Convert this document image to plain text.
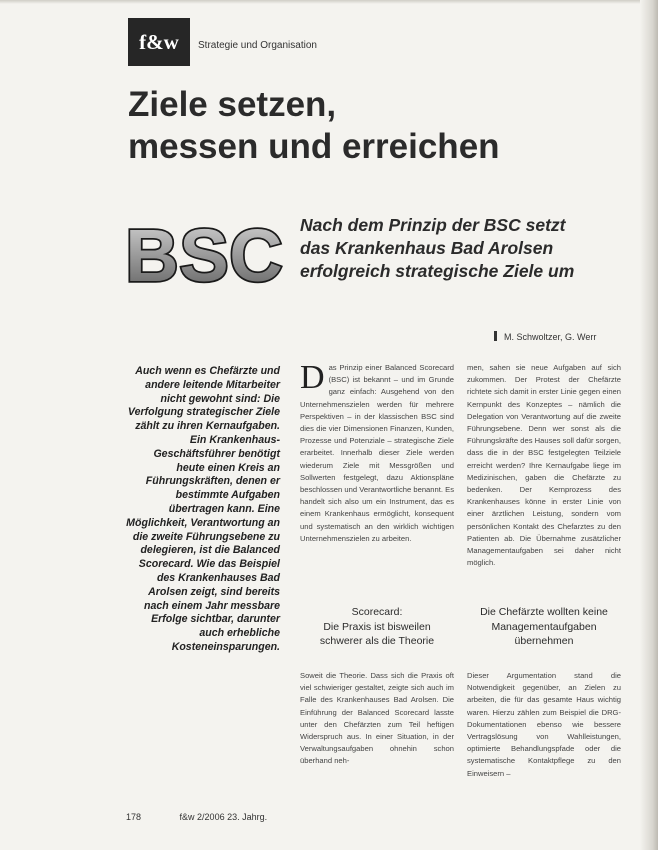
f&w	Strategie und Organisation
Ziele setzen,
messen und erreichen
B S C Nach dem Prinzip der BSC setzt
das Krankenhaus Bad Arolsen
erfolgreich strategische Ziele um
M. Schwoltzer, G. Werr
Auch wenn es Chefärzte und andere leitende Mitarbeiter nicht gewohnt sind: Die Verfolgung strategischer Ziele zählt zu ihren Kernaufgaben. Ein Krankenhaus-Geschäftsführer benötigt heute einen Kreis an Führungskräften, denen er bestimmte Aufgaben übertragen kann. Eine Möglichkeit, Verantwortung an die zweite Führungsebene zu delegieren, ist die Balanced Scorecard. Wie das Beispiel des Krankenhauses Bad Arolsen zeigt, sind bereits nach einem Jahr messbare Erfolge sichtbar, darunter auch erhebliche Kosteneinsparungen.

Das Prinzip einer Balanced Scorecard (BSC) ist bekannt – und im Grunde ganz einfach: Ausgehend von den Unternehmenszielen werden für mehrere Perspektiven – in der klassischen BSC sind dies die vier Dimensionen Finanzen, Kunden, Prozesse und Potenziale – strategische Ziele erarbeitet. Innerhalb dieser Ziele werden wiederum Ziele mit Messgrößen und Sollwerten festgelegt, dazu Aktionspläne beschlossen und Verantwortliche benannt. Es handelt sich also um ein Instrument, das es einem Krankenhaus ermöglicht, konsequent und systematisch an den wirklich wichtigen Unternehmenszielen zu arbeiten.

men, sahen sie neue Aufgaben auf sich zukommen. Der Protest der Chefärzte richtete sich damit in erster Linie gegen einen Kernpunkt des Konzeptes – nämlich die Delegation von Verantwortung auf die zweite Führungsebene. Denn wer sonst als die Führungskräfte des Hauses soll dafür sorgen, dass die in der BSC festgelegten Teilziele erreicht werden? Ihre Kernaufgabe liege im Medizinischen, gaben die Chefärzte zu bedenken. Der Kernprozess des Krankenhauses könne in erster Linie von einer ärztlichen Leistung, sondern vom persönlichen Kontakt des Chefarztes zu den Patienten ab. Die Übernahme zusätzlicher Managementaufgaben sei daher nicht möglich.

Scorecard:
Die Praxis ist bisweilen
schwerer als die Theorie
Die Chefärzte wollten keine
Managementaufgaben
übernehmen

Soweit die Theorie. Dass sich die Praxis oft viel schwieriger gestaltet, zeigte sich auch im Falle des Krankenhauses Bad Arolsen. Die Einführung der Balanced Scorecard lasste unter den Chefärzten zum Teil heftigen Widerspruch aus. In einer Situation, in der Verwaltungsaufgaben ohnehin schon überhand neh-

Dieser Argumentation stand die Notwendigkeit gegenüber, an Zielen zu arbeiten, die für das gesamte Haus wichtig waren. Hierzu zählen zum Beispiel die DRG-Dokumentationen ebenso wie bessere Vertragslösung von Wahlleistungen, optimierte Behandlungspfade oder die systematische Kontaktpflege zu den Einweisern –

178	f&w 2/2006 23. Jahrg.
